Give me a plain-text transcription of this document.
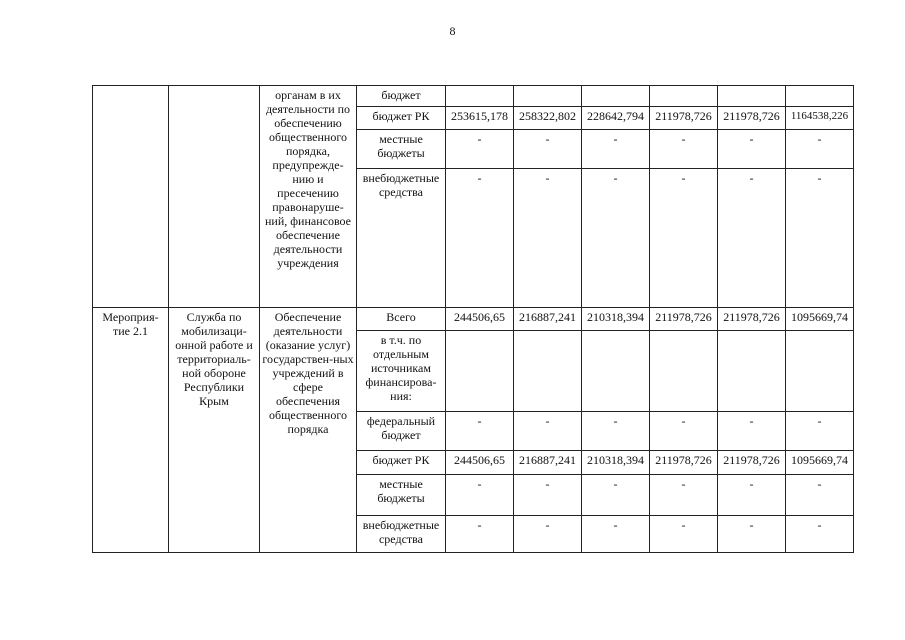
8
		органам в их деятельности по обеспечению общественного порядка, предупрежде-нию и пресечению правонаруше-ний, финансовое обеспечение деятельности учреждения	бюджет						
			бюджет РК	253615,178	258322,802	228642,794	211978,726	211978,726	1164538,226
			местные бюджеты	-	-	-	-	-	-
			внебюджетные средства	-	-	-	-	-	-
Мероприя-тие 2.1	Служба по мобилизаци-онной работе и территориаль-ной обороне Республики Крым	Обеспечение деятельности (оказание услуг) государствен-ных учреждений в сфере обеспечения общественного порядка	Всего	244506,65	216887,241	210318,394	211978,726	211978,726	1095669,74
			в т.ч. по отдельным источникам финансирова-ния:						
			федеральный бюджет	-	-	-	-	-	-
			бюджет РК	244506,65	216887,241	210318,394	211978,726	211978,726	1095669,74
			местные бюджеты	-	-	-	-	-	-
			внебюджетные средства	-	-	-	-	-	-
